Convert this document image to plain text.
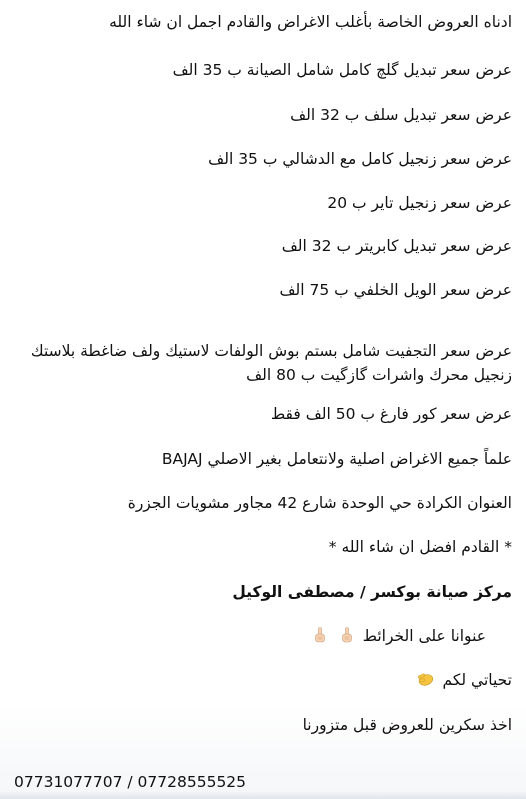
ادناه العروض الخاصة بأغلب الاغراض والقادم اجمل ان شاء الله
عرض سعر تبديل گلچ كامل شامل الصيانة ب 35 الف
عرض سعر تبديل سلف ب 32 الف
عرض سعر زنجيل كامل مع الدشالي ب 35 الف
عرض سعر زنجيل تاير ب 20
عرض سعر تبديل كابريتر ب 32 الف
عرض سعر الويل الخلفي ب 75 الف
عرض سعر التجفيت شامل بستم بوش الولفات لاستيك ولف ضاغطة بلاستك زنجيل محرك واشرات گازگيت ب 80 الف
عرض سعر كور فارغ ب 50 الف فقط
علماً جميع الاغراض اصلية ولانتعامل بغير الاصلي BAJAJ
العنوان الكرادة حي الوحدة شارع 42 مجاور مشويات الجزرة
* القادم افضل ان شاء الله *
مركز صيانة بوكسر / مصطفى الوكيل
عنوانا على الخرائط
تحياتي لكم
اخذ سكرين للعروض قبل متزورنا
07731077707 / 07728555525
